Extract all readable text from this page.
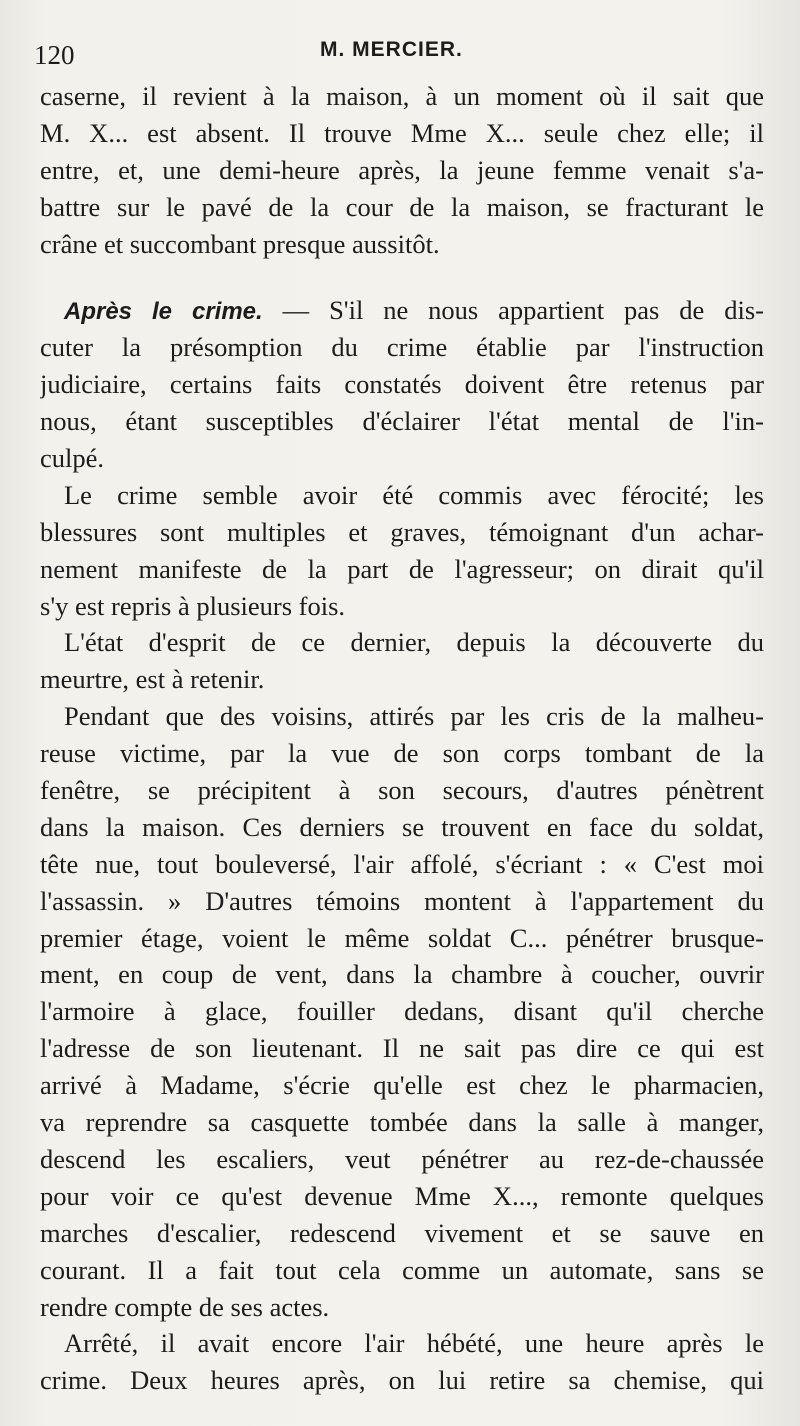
120	M. MERCIER.
caserne, il revient à la maison, à un moment où il sait que
M. X... est absent. Il trouve Mme X... seule chez elle; il
entre, et, une demi-heure après, la jeune femme venait s'a-
battre sur le pavé de la cour de la maison, se fracturant le
crâne et succombant presque aussitôt.
Après le crime. — S'il ne nous appartient pas de dis-
cuter la présomption du crime établie par l'instruction
judiciaire, certains faits constatés doivent être retenus par
nous, étant susceptibles d'éclairer l'état mental de l'in-
culpé.
Le crime semble avoir été commis avec férocité; les
blessures sont multiples et graves, témoignant d'un achar-
nement manifeste de la part de l'agresseur; on dirait qu'il
s'y est repris à plusieurs fois.
L'état d'esprit de ce dernier, depuis la découverte du
meurtre, est à retenir.
Pendant que des voisins, attirés par les cris de la malheu-
reuse victime, par la vue de son corps tombant de la
fenêtre, se précipitent à son secours, d'autres pénètrent
dans la maison. Ces derniers se trouvent en face du soldat,
tête nue, tout bouleversé, l'air affolé, s'écriant : « C'est moi
l'assassin. » D'autres témoins montent à l'appartement du
premier étage, voient le même soldat C... pénétrer brusque-
ment, en coup de vent, dans la chambre à coucher, ouvrir
l'armoire à glace, fouiller dedans, disant qu'il cherche
l'adresse de son lieutenant. Il ne sait pas dire ce qui est
arrivé à Madame, s'écrie qu'elle est chez le pharmacien,
va reprendre sa casquette tombée dans la salle à manger,
descend les escaliers, veut pénétrer au rez-de-chaussée
pour voir ce qu'est devenue Mme X..., remonte quelques
marches d'escalier, redescend vivement et se sauve en
courant. Il a fait tout cela comme un automate, sans se
rendre compte de ses actes.
Arrêté, il avait encore l'air hébété, une heure après le
crime. Deux heures après, on lui retire sa chemise, qui
